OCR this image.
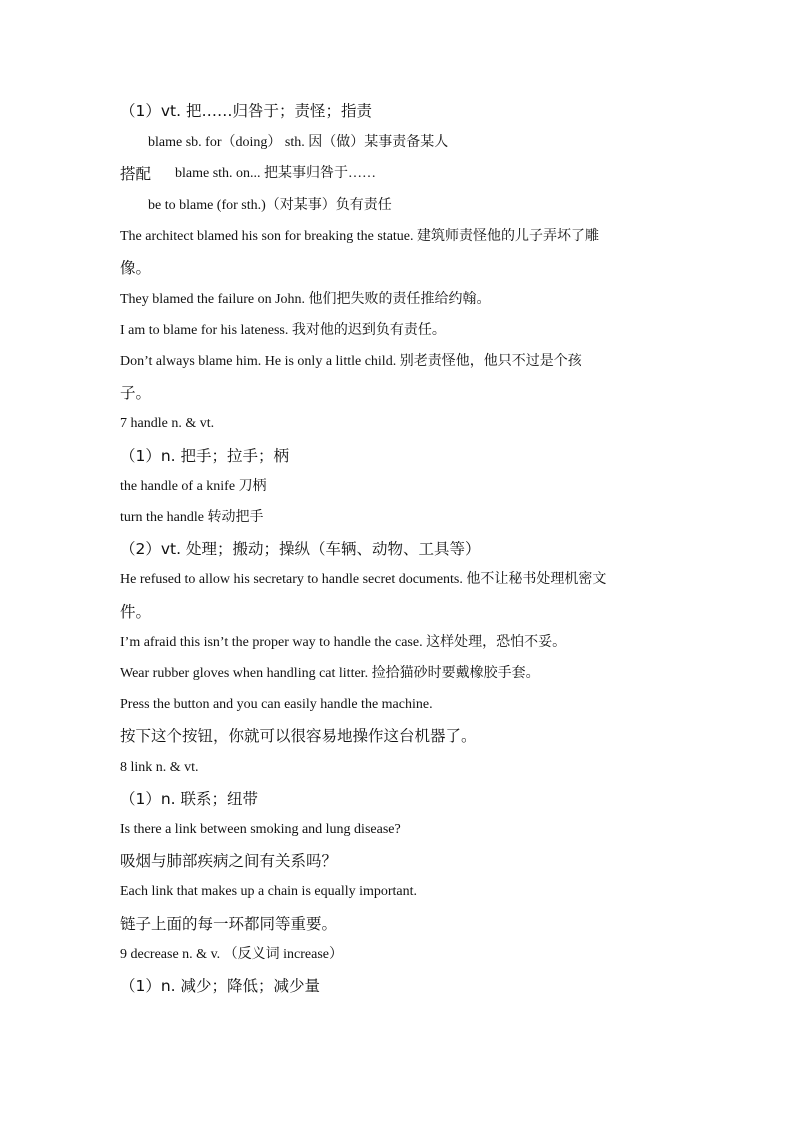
（1）vt. 把……归咎于；责怪；指责
blame sb. for（doing） sth. 因（做）某事责备某人
搭配 blame sth. on... 把某事归咎于……
be to blame (for sth.)（对某事）负有责任
The architect blamed his son for breaking the statue. 建筑师责怪他的儿子弄坏了雕
像。
They blamed the failure on John. 他们把失败的责任推给约翰。
I am to blame for his lateness. 我对他的迟到负有责任。
Don’t always blame him. He is only a little child. 别老责怪他，他只不过是个孩
子。
7 handle n. & vt.
（1）n. 把手；拉手；柄
the handle of a knife 刀柄
turn the handle 转动把手
（2）vt. 处理；搬动；操纵（车辆、动物、工具等）
He refused to allow his secretary to handle secret documents. 他不让秘书处理机密文
件。
I’m afraid this isn’t the proper way to handle the case. 这样处理，恐怕不妥。
Wear rubber gloves when handling cat litter. 捡拾猫砂时要戴橡胶手套。
Press the button and you can easily handle the machine.
按下这个按钮，你就可以很容易地操作这台机器了。
8 link n. & vt.
（1）n. 联系；纽带
Is there a link between smoking and lung disease?
吸烟与肺部疾病之间有关系吗？
Each link that makes up a chain is equally important.
链子上面的每一环都同等重要。
9 decrease n. & v. （反义词 increase）
（1）n. 减少；降低；减少量
